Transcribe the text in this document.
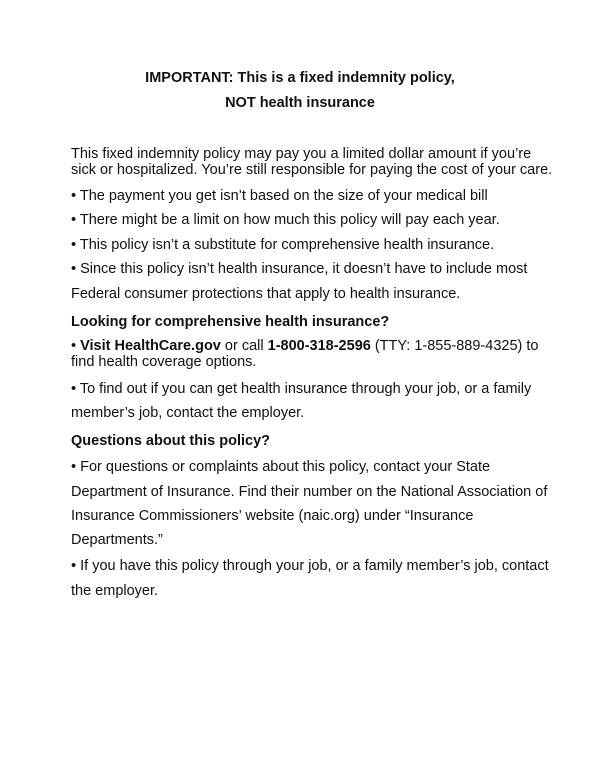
IMPORTANT: This is a fixed indemnity policy,
NOT health insurance
This fixed indemnity policy may pay you a limited dollar amount if you’re
sick or hospitalized. You’re still responsible for paying the cost of your care.
• The payment you get isn’t based on the size of your medical bill
• There might be a limit on how much this policy will pay each year.
• This policy isn’t a substitute for comprehensive health insurance.
• Since this policy isn’t health insurance, it doesn’t have to include most
Federal consumer protections that apply to health insurance.
Looking for comprehensive health insurance?
• Visit HealthCare.gov or call 1-800-318-2596 (TTY: 1-855-889-4325) to
find health coverage options.
• To find out if you can get health insurance through your job, or a family
member’s job, contact the employer.
Questions about this policy?
• For questions or complaints about this policy, contact your State
Department of Insurance. Find their number on the National Association of
Insurance Commissioners’ website (naic.org) under “Insurance
Departments.”
• If you have this policy through your job, or a family member’s job, contact
the employer.
